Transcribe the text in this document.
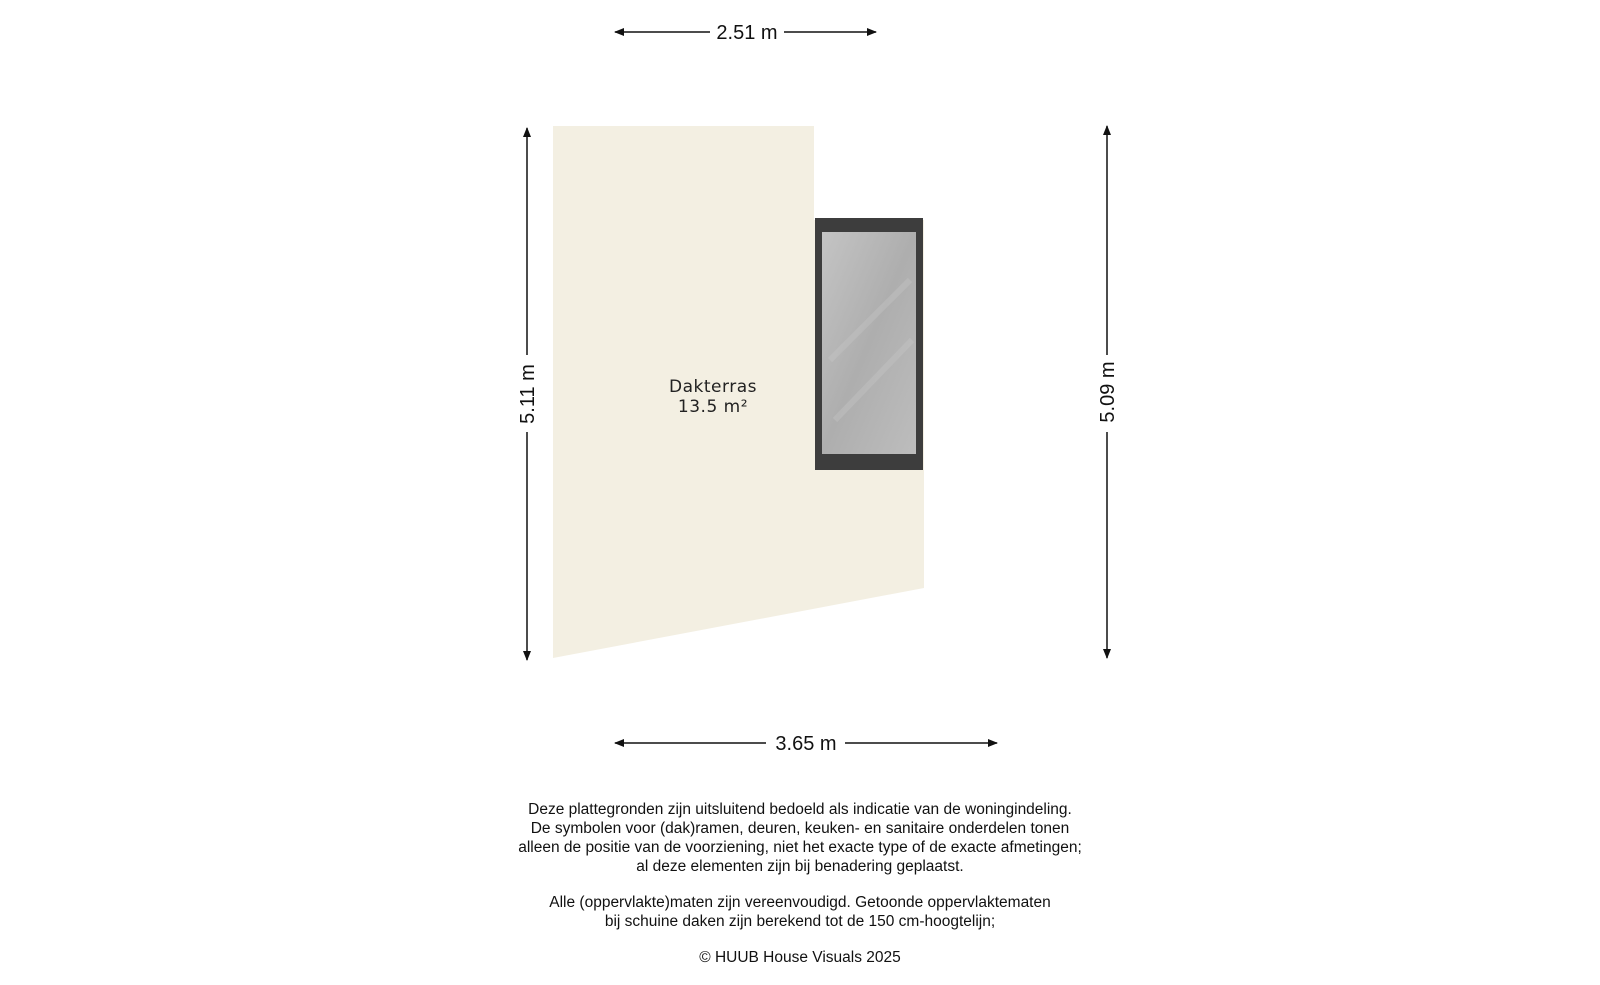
Dakterras
13.5 m²
2.51 m
3.65 m
5.11 m	5.09 m

Deze plattegronden zijn uitsluitend bedoeld als indicatie van de woningindeling.

De symbolen voor (dak)ramen, deuren, keuken- en sanitaire onderdelen tonen

alleen de positie van de voorziening, niet het exacte type of de exacte afmetingen;

al deze elementen zijn bij benadering geplaatst.

Alle (oppervlakte)maten zijn vereenvoudigd. Getoonde oppervlaktematen

bij schuine daken zijn berekend tot de 150 cm-hoogtelijn;

© HUUB House Visuals 2025
